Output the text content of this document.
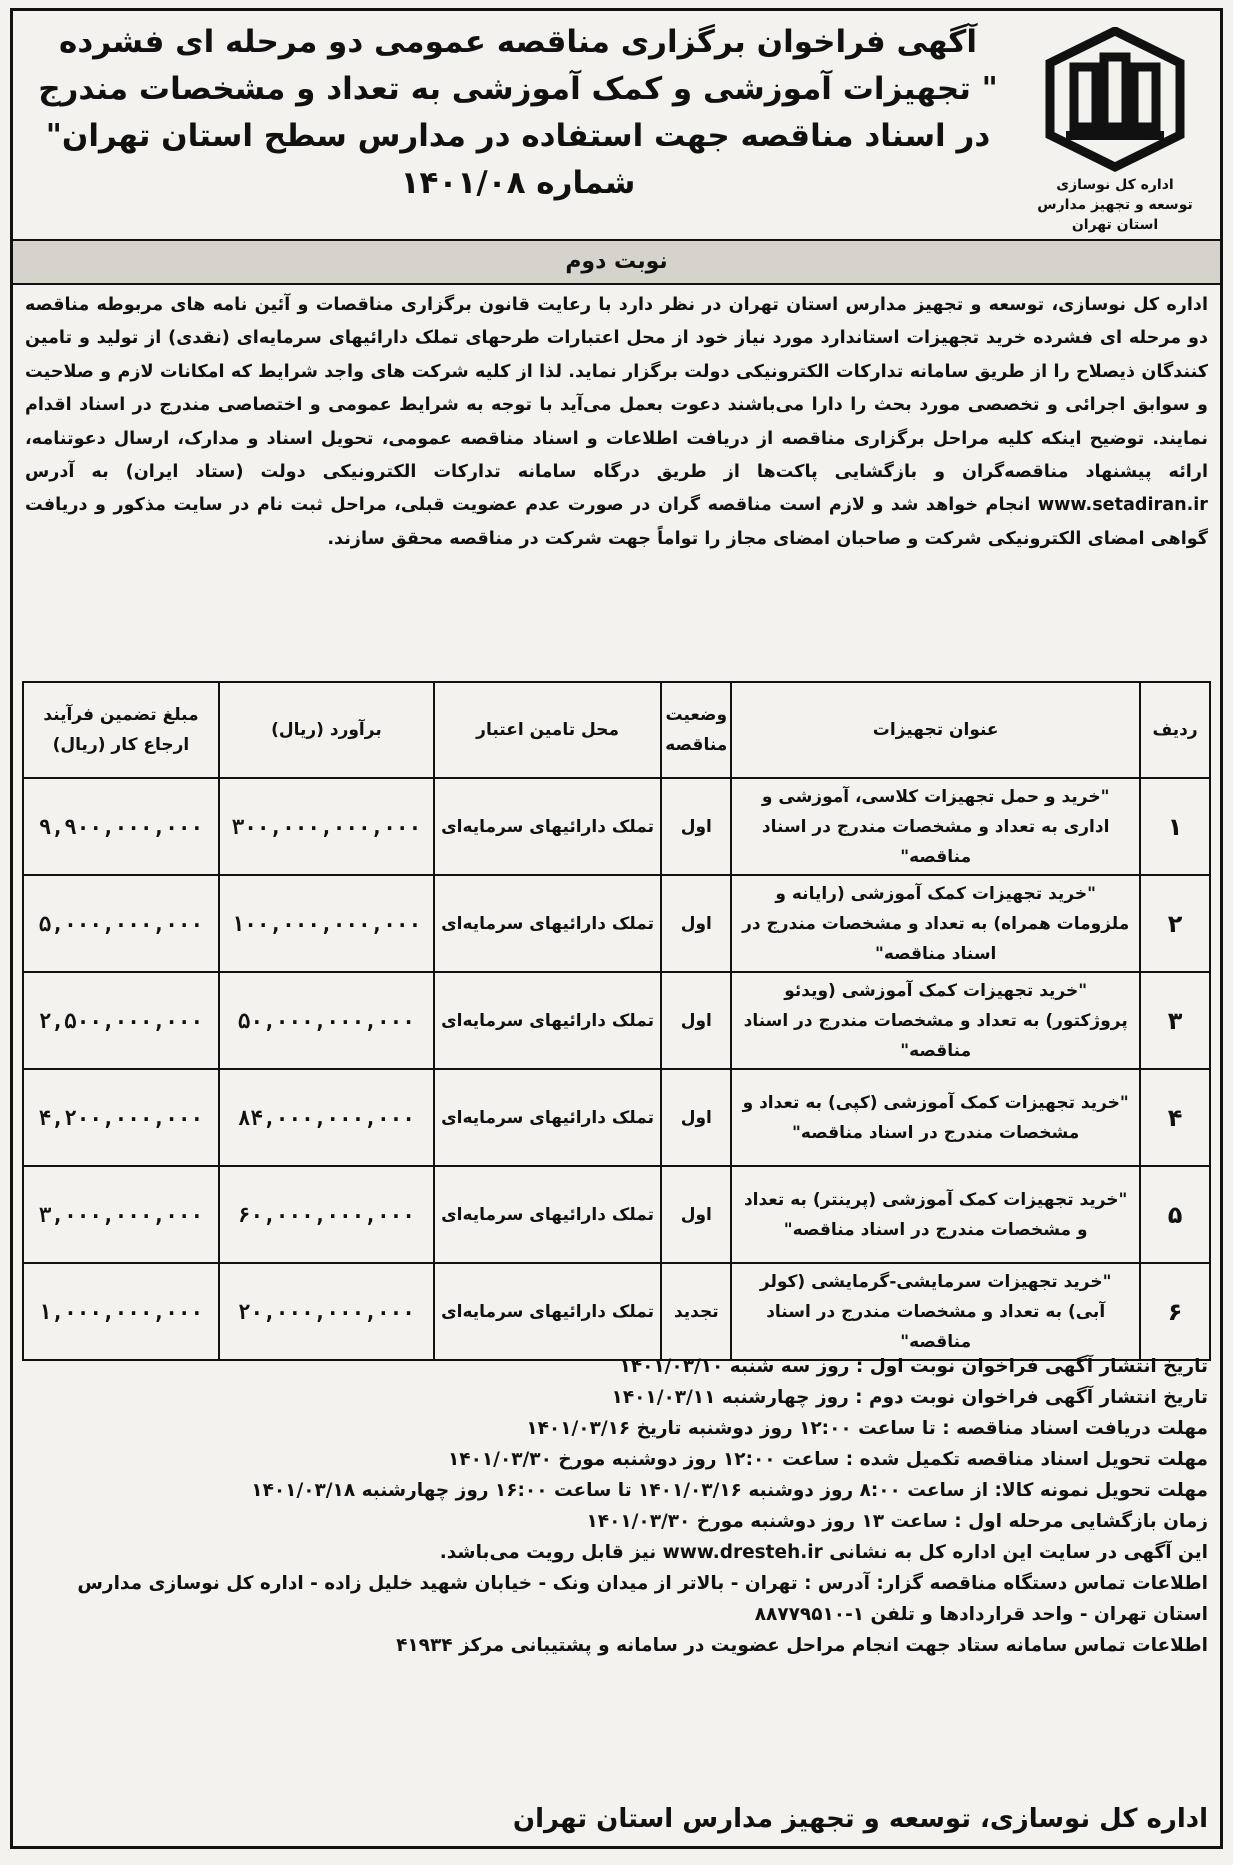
اداره کل نوسازی
توسعه و تجهیز مدارس استان تهران
آگهی فراخوان برگزاری مناقصه عمومی دو مرحله ای فشرده
" تجهیزات آموزشی و کمک آموزشی به تعداد و مشخصات مندرج
در اسناد مناقصه جهت استفاده در مدارس سطح استان تهران"
شماره ۱۴۰۱/۰۸
نوبت دوم
اداره کل نوسازی، توسعه و تجهیز مدارس استان تهران در نظر دارد با رعایت قانون برگزاری مناقصات و آئین نامه های مربوطه مناقصه دو مرحله ای فشرده خرید تجهیزات استاندارد مورد نیاز خود از محل اعتبارات طرحهای تملک دارائیهای سرمایه‌ای (نقدی) از تولید و تامین کنندگان ذیصلاح را از طریق سامانه تدارکات الکترونیکی دولت برگزار نماید. لذا از کلیه شرکت های واجد شرایط که امکانات لازم و صلاحیت و سوابق اجرائی و تخصصی مورد بحث را دارا می‌باشند دعوت بعمل می‌آید با توجه به شرایط عمومی و اختصاصی مندرج در اسناد اقدام نمایند. توضیح اینکه کلیه مراحل برگزاری مناقصه از دریافت اطلاعات و اسناد مناقصه عمومی، تحویل اسناد و مدارک، ارسال دعوتنامه، ارائه پیشنهاد مناقصه‌گران و بازگشایی پاکت‌ها از طریق درگاه سامانه تدارکات الکترونیکی دولت (ستاد ایران) به آدرس www.setadiran.ir انجام خواهد شد و لازم است مناقصه گران در صورت عدم عضویت قبلی، مراحل ثبت نام در سایت مذکور و دریافت گواهی امضای الکترونیکی شرکت و صاحبان امضای مجاز را تواماً جهت شرکت در مناقصه محقق سازند.
ردیف	عنوان تجهیزات	وضعیت مناقصه	محل تامین اعتبار	برآورد (ریال)	مبلغ تضمین فرآیند ارجاع کار (ریال)
۱	"خرید و حمل تجهیزات کلاسی، آموزشی و اداری به تعداد و مشخصات مندرج در اسناد مناقصه"	اول	تملک دارائیهای سرمایه‌ای	۳۰۰,۰۰۰,۰۰۰,۰۰۰	۹,۹۰۰,۰۰۰,۰۰۰
۲	"خرید تجهیزات کمک آموزشی (رایانه و ملزومات همراه) به تعداد و مشخصات مندرج در اسناد مناقصه"	اول	تملک دارائیهای سرمایه‌ای	۱۰۰,۰۰۰,۰۰۰,۰۰۰	۵,۰۰۰,۰۰۰,۰۰۰
۳	"خرید تجهیزات کمک آموزشی (ویدئو پروژکتور) به تعداد و مشخصات مندرج در اسناد مناقصه"	اول	تملک دارائیهای سرمایه‌ای	۵۰,۰۰۰,۰۰۰,۰۰۰	۲,۵۰۰,۰۰۰,۰۰۰
۴	"خرید تجهیزات کمک آموزشی (کپی) به تعداد و مشخصات مندرج در اسناد مناقصه"	اول	تملک دارائیهای سرمایه‌ای	۸۴,۰۰۰,۰۰۰,۰۰۰	۴,۲۰۰,۰۰۰,۰۰۰
۵	"خرید تجهیزات کمک آموزشی (پرینتر) به تعداد و مشخصات مندرج در اسناد مناقصه"	اول	تملک دارائیهای سرمایه‌ای	۶۰,۰۰۰,۰۰۰,۰۰۰	۳,۰۰۰,۰۰۰,۰۰۰
۶	"خرید تجهیزات سرمایشی-گرمایشی (کولر آبی) به تعداد و مشخصات مندرج در اسناد مناقصه"	تجدید	تملک دارائیهای سرمایه‌ای	۲۰,۰۰۰,۰۰۰,۰۰۰	۱,۰۰۰,۰۰۰,۰۰۰
تاریخ انتشار آگهی فراخوان نوبت اول : روز سه شنبه ۱۴۰۱/۰۳/۱۰
تاریخ انتشار آگهی فراخوان نوبت دوم : روز چهارشنبه ۱۴۰۱/۰۳/۱۱
مهلت دریافت اسناد مناقصه : تا ساعت ۱۲:۰۰ روز دوشنبه تاریخ ۱۴۰۱/۰۳/۱۶
مهلت تحویل اسناد مناقصه تکمیل شده : ساعت ۱۲:۰۰ روز دوشنبه مورخ ۱۴۰۱/۰۳/۳۰
مهلت تحویل نمونه کالا: از ساعت ۸:۰۰ روز دوشنبه ۱۴۰۱/۰۳/۱۶ تا ساعت ۱۶:۰۰ روز چهارشنبه ۱۴۰۱/۰۳/۱۸
زمان بازگشایی مرحله اول : ساعت ۱۳ روز دوشنبه مورخ ۱۴۰۱/۰۳/۳۰
این آگهی در سایت این اداره کل به نشانی www.dresteh.ir نیز قابل رویت می‌باشد.
اطلاعات تماس دستگاه مناقصه گزار: آدرس : تهران - بالاتر از میدان ونک - خیابان شهید خلیل زاده - اداره کل نوسازی مدارس استان تهران - واحد قراردادها و تلفن ۱-۸۸۷۷۹۵۱۰
اطلاعات تماس سامانه ستاد جهت انجام مراحل عضویت در سامانه و پشتیبانی مرکز ۴۱۹۳۴
اداره کل نوسازی، توسعه و تجهیز مدارس استان تهران
